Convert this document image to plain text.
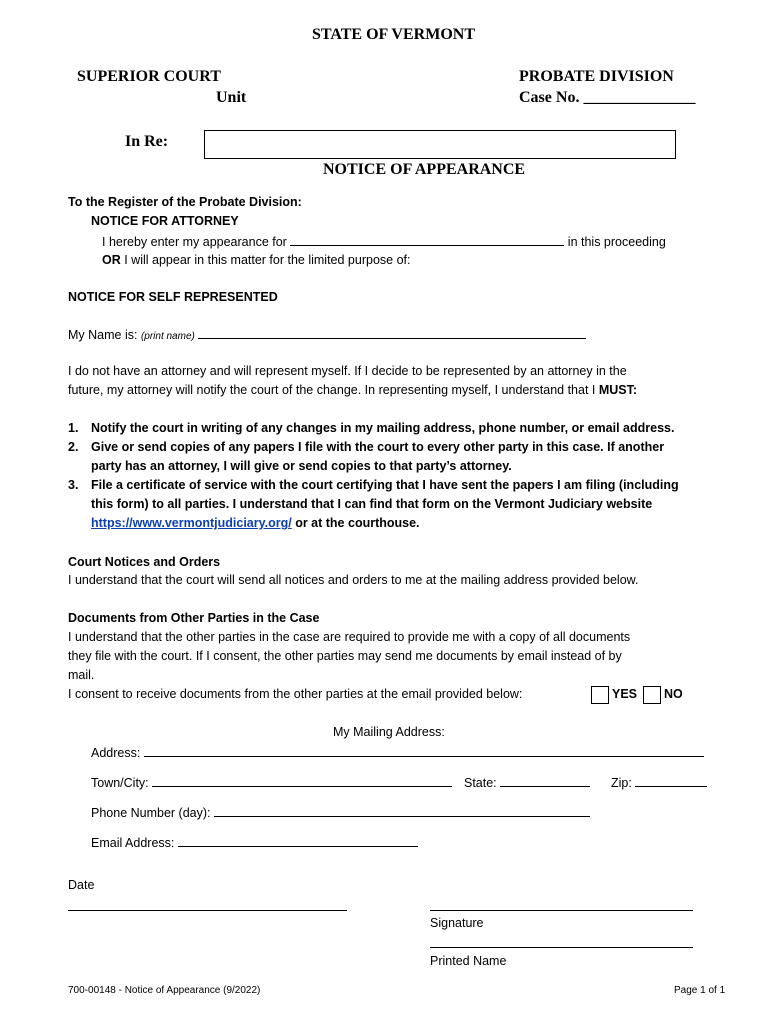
STATE OF VERMONT
SUPERIOR COURT
Unit
PROBATE DIVISION
Case No. ______________
In Re:
NOTICE OF APPEARANCE
To the Register of the Probate Division:
NOTICE FOR ATTORNEY
I hereby enter my appearance for	in this proceeding
OR I will appear in this matter for the limited purpose of:
NOTICE FOR SELF REPRESENTED
My Name is: (print name)
I do not have an attorney and will represent myself. If I decide to be represented by an attorney in the
future, my attorney will notify the court of the change. In representing myself, I understand that I MUST:
1. Notify the court in writing of any changes in my mailing address, phone number, or email address.
2. Give or send copies of any papers I file with the court to every other party in this case. If another
party has an attorney, I will give or send copies to that party’s attorney.
3. File a certificate of service with the court certifying that I have sent the papers I am filing (including
this form) to all parties. I understand that I can find that form on the Vermont Judiciary website
https://www.vermontjudiciary.org/ or at the courthouse.
Court Notices and Orders
I understand that the court will send all notices and orders to me at the mailing address provided below.
Documents from Other Parties in the Case
I understand that the other parties in the case are required to provide me with a copy of all documents
they file with the court. If I consent, the other parties may send me documents by email instead of by
mail.
I consent to receive documents from the other parties at the email provided below:	YES NO
My Mailing Address:
Address:
Town/City:	State:	Zip:
Phone Number (day):
Email Address:
Date
Signature
Printed Name
700-00148 - Notice of Appearance (9/2022)	Page 1 of 1
